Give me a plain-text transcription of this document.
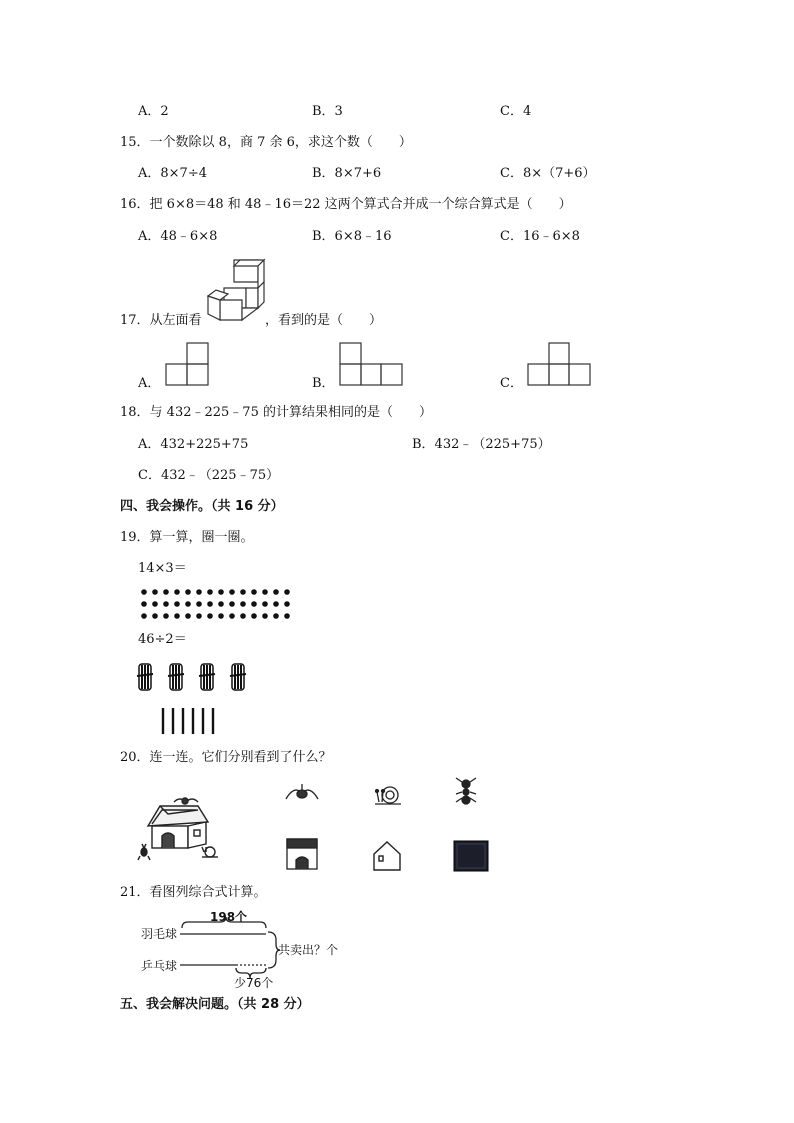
A．2	B．3	C．4
15．一个数除以 8，商 7 余 6，求这个数（　　）
A．8×7÷4	B．8×7+6	C．8×（7+6）
16．把 6×8＝48 和 48﹣16＝22 这两个算式合并成一个综合算式是（　　）
A．48﹣6×8	B．6×8﹣16	C．16﹣6×8
17．从左面看	，看到的是（　　）
A．	B．	C．
18．与 432﹣225﹣75 的计算结果相同的是（　　）
A．432+225+75	B．432﹣（225+75）
C．432﹣（225﹣75）
四、我会操作。（共 16 分）
19．算一算，圈一圈。
14×3＝
46÷2＝
20．连一连。它们分别看到了什么？
21．看图列综合式计算。
羽毛球
乒乓球
198个
少76个
共卖出？个
五、我会解决问题。（共 28 分）
